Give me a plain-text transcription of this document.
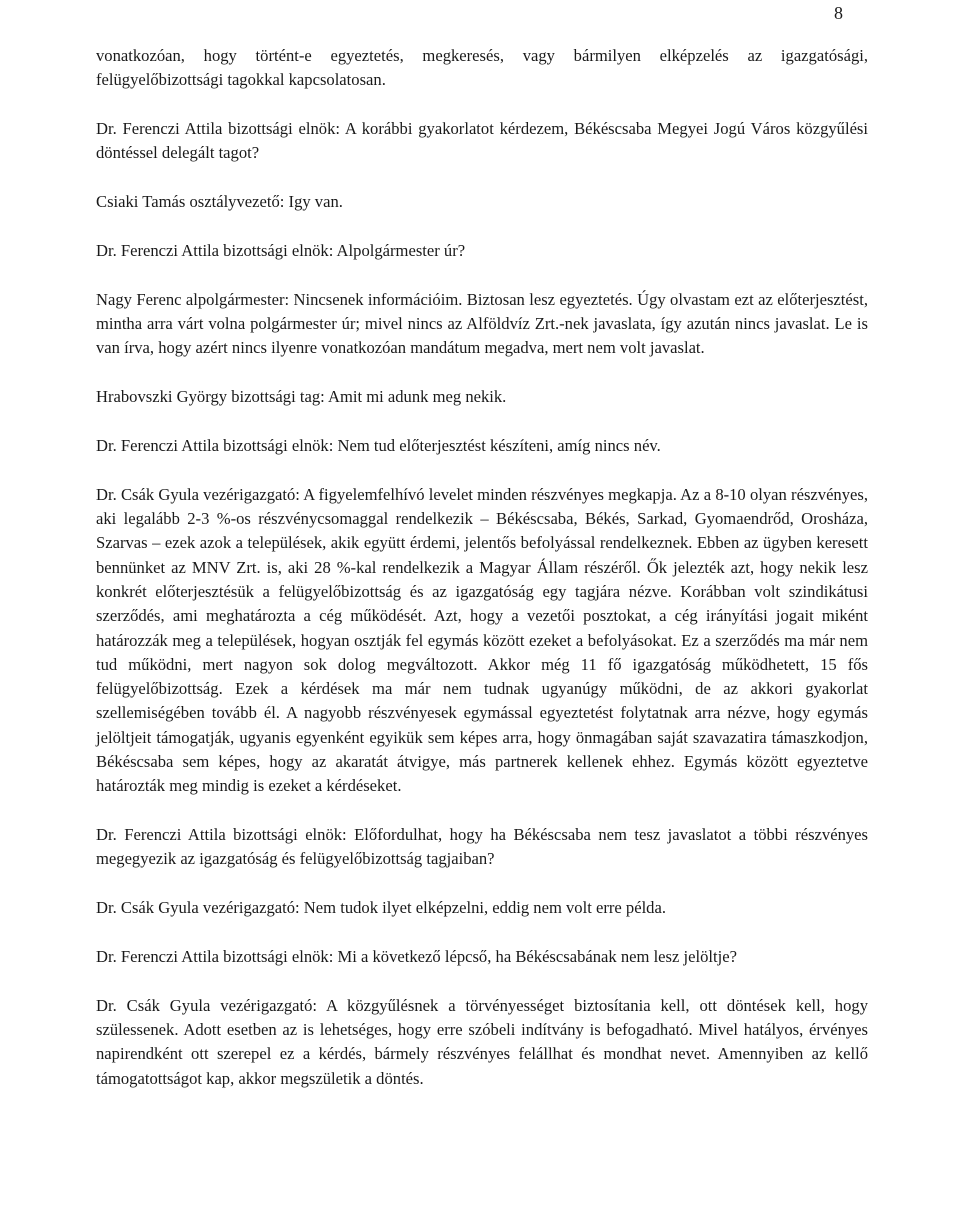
8

vonatkozóan, hogy történt-e egyeztetés, megkeresés, vagy bármilyen elképzelés az igazgatósági, felügyelőbizottsági tagokkal kapcsolatosan.

Dr. Ferenczi Attila bizottsági elnök: A korábbi gyakorlatot kérdezem, Békéscsaba Megyei Jogú Város közgyűlési döntéssel delegált tagot?

Csiaki Tamás osztályvezető: Igy van.

Dr. Ferenczi Attila bizottsági elnök: Alpolgármester úr?

Nagy Ferenc alpolgármester: Nincsenek információim. Biztosan lesz egyeztetés. Úgy olvastam ezt az előterjesztést, mintha arra várt volna polgármester úr; mivel nincs az Alföldvíz Zrt.-nek javaslata, így azután nincs javaslat. Le is van írva, hogy azért nincs ilyenre vonatkozóan mandátum megadva, mert nem volt javaslat.

Hrabovszki György bizottsági tag: Amit mi adunk meg nekik.

Dr. Ferenczi Attila bizottsági elnök: Nem tud előterjesztést készíteni, amíg nincs név.

Dr. Csák Gyula vezérigazgató: A figyelemfelhívó levelet minden részvényes megkapja. Az a 8-10 olyan részvényes, aki legalább 2-3 %-os részvénycsomaggal rendelkezik – Békéscsaba, Békés, Sarkad, Gyomaendrőd, Orosháza, Szarvas – ezek azok a települések, akik együtt érdemi, jelentős befolyással rendelkeznek. Ebben az ügyben keresett bennünket az MNV Zrt. is, aki 28 %-kal rendelkezik a Magyar Állam részéről. Ők jelezték azt, hogy nekik lesz konkrét előterjesztésük a felügyelőbizottság és az igazgatóság egy tagjára nézve. Korábban volt szindikátusi szerződés, ami meghatározta a cég működését. Azt, hogy a vezetői posztokat, a cég irányítási jogait miként határozzák meg a települések, hogyan osztják fel egymás között ezeket a befolyásokat. Ez a szerződés ma már nem tud működni, mert nagyon sok dolog megváltozott. Akkor még 11 fő igazgatóság működhetett, 15 fős felügyelőbizottság. Ezek a kérdések ma már nem tudnak ugyanúgy működni, de az akkori gyakorlat szellemiségében tovább él. A nagyobb részvényesek egymással egyeztetést folytatnak arra nézve, hogy egymás jelöltjeit támogatják, ugyanis egyenként egyikük sem képes arra, hogy önmagában saját szavazatira támaszkodjon, Békéscsaba sem képes, hogy az akaratát átvigye, más partnerek kellenek ehhez. Egymás között egyeztetve határozták meg mindig is ezeket a kérdéseket.

Dr. Ferenczi Attila bizottsági elnök: Előfordulhat, hogy ha Békéscsaba nem tesz javaslatot a többi részvényes megegyezik az igazgatóság és felügyelőbizottság tagjaiban?

Dr. Csák Gyula vezérigazgató: Nem tudok ilyet elképzelni, eddig nem volt erre példa.

Dr. Ferenczi Attila bizottsági elnök: Mi a következő lépcső, ha Békéscsabának nem lesz jelöltje?

Dr. Csák Gyula vezérigazgató: A közgyűlésnek a törvényességet biztosítania kell, ott döntések kell, hogy szülessenek. Adott esetben az is lehetséges, hogy erre szóbeli indítvány is befogadható. Mivel hatályos, érvényes napirendként ott szerepel ez a kérdés, bármely részvényes felállhat és mondhat nevet. Amennyiben az kellő támogatottságot kap, akkor megszületik a döntés.
